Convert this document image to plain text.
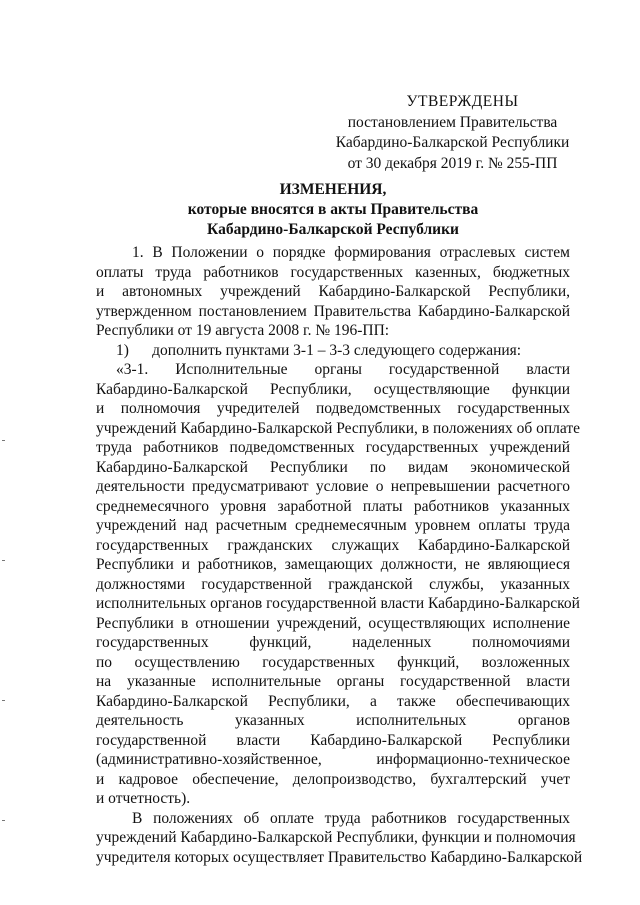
УТВЕРЖДЕНЫ
постановлением Правительства
Кабардино-Балкарской Республики
от 30 декабря 2019 г. № 255-ПП
ИЗМЕНЕНИЯ,
которые вносятся в акты Правительства
Кабардино-Балкарской Республики
1. В Положении о порядке формирования отраслевых систем
оплаты труда работников государственных казенных, бюджетных
и автономных учреждений Кабардино-Балкарской Республики,
утвержденном постановлением Правительства Кабардино-Балкарской
Республики от 19 августа 2008 г. № 196-ПП:
1)      дополнить пунктами 3-1 – 3-3 следующего содержания:
«3-1. Исполнительные органы государственной власти
Кабардино-Балкарской Республики, осуществляющие функции
и полномочия учредителей подведомственных государственных
учреждений Кабардино-Балкарской Республики, в положениях об оплате
труда работников подведомственных государственных учреждений
Кабардино-Балкарской Республики по видам экономической
деятельности предусматривают условие о непревышении расчетного
среднемесячного уровня заработной платы работников указанных
учреждений над расчетным среднемесячным уровнем оплаты труда
государственных гражданских служащих Кабардино-Балкарской
Республики и работников, замещающих должности, не являющиеся
должностями государственной гражданской службы, указанных
исполнительных органов государственной власти Кабардино-Балкарской
Республики в отношении учреждений, осуществляющих исполнение
государственных функций, наделенных полномочиями
по осуществлению государственных функций, возложенных
на указанные исполнительные органы государственной власти
Кабардино-Балкарской Республики, а также обеспечивающих
деятельность указанных исполнительных органов
государственной власти Кабардино-Балкарской Республики
(административно-хозяйственное, информационно-техническое
и кадровое обеспечение, делопроизводство, бухгалтерский учет
и отчетность).
В положениях об оплате труда работников государственных
учреждений Кабардино-Балкарской Республики, функции и полномочия
учредителя которых осуществляет Правительство Кабардино-Балкарской
